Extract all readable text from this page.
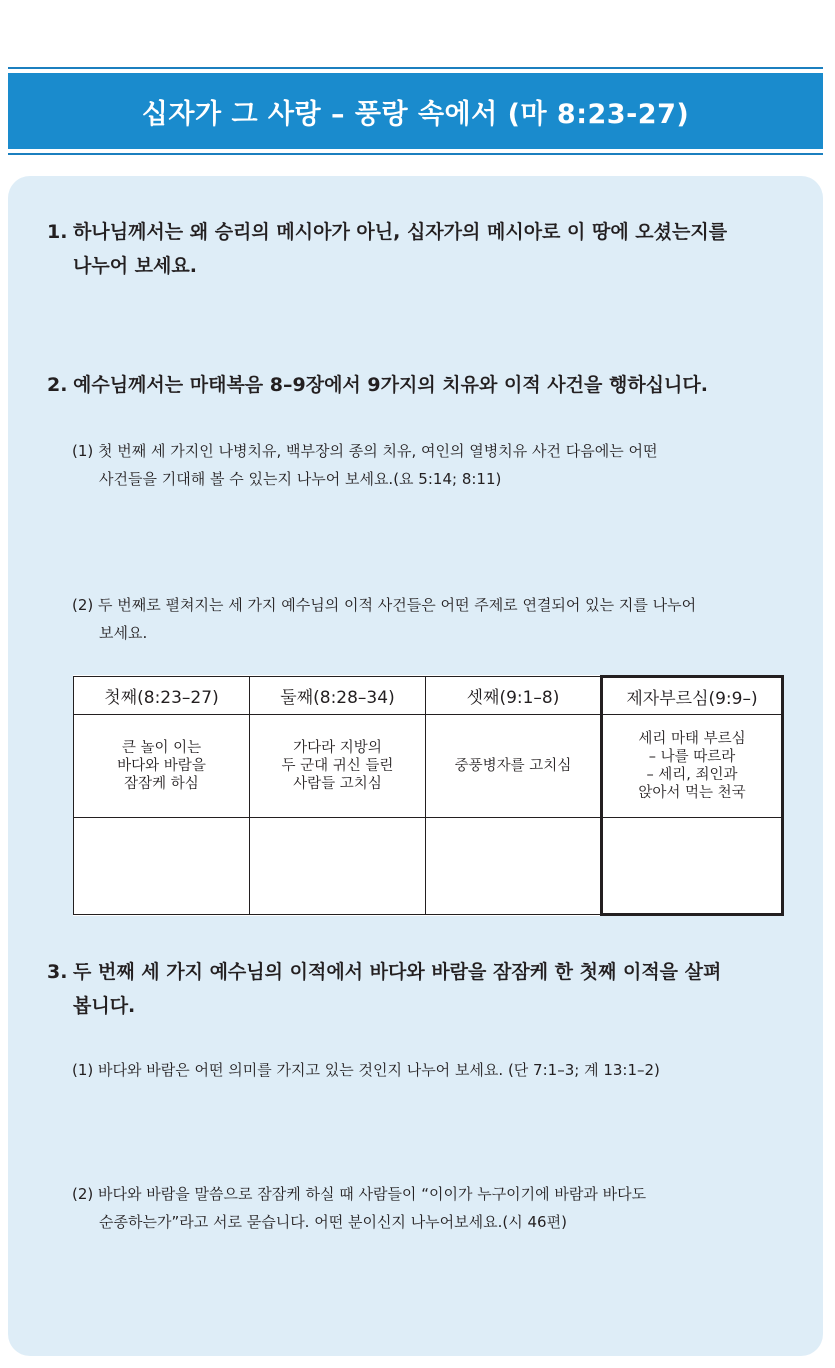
십자가 그 사랑 – 풍랑 속에서 (마 8:23-27)
1. 하나님께서는 왜 승리의 메시아가 아닌, 십자가의 메시아로 이 땅에 오셨는지를
나누어 보세요.
2. 예수님께서는 마태복음 8–9장에서 9가지의 치유와 이적 사건을 행하십니다.
(1) 첫 번째 세 가지인 나병치유, 백부장의 종의 치유, 여인의 열병치유 사건 다음에는 어떤
사건들을 기대해 볼 수 있는지 나누어 보세요.(요 5:14; 8:11)
(2) 두 번째로 펼쳐지는 세 가지 예수님의 이적 사건들은 어떤 주제로 연결되어 있는 지를 나누어
보세요.
첫째(8:23–27)	둘째(8:28–34)	셋째(9:1–8)	제자부르심(9:9–)

큰 놀이 이는
바다와 바람을
잠잠케 하심	가다라 지방의
두 군대 귀신 들린
사람들 고치심	중풍병자를 고치심	세리 마태 부르심
– 나를 따르라
– 세리, 죄인과
앉아서 먹는 천국

3. 두 번째 세 가지 예수님의 이적에서 바다와 바람을 잠잠케 한 첫째 이적을 살펴
봅니다.
(1) 바다와 바람은 어떤 의미를 가지고 있는 것인지 나누어 보세요. (단 7:1–3; 계 13:1–2)
(2) 바다와 바람을 말씀으로 잠잠케 하실 때 사람들이 “이이가 누구이기에 바람과 바다도
순종하는가”라고 서로 묻습니다. 어떤 분이신지 나누어보세요.(시 46편)
